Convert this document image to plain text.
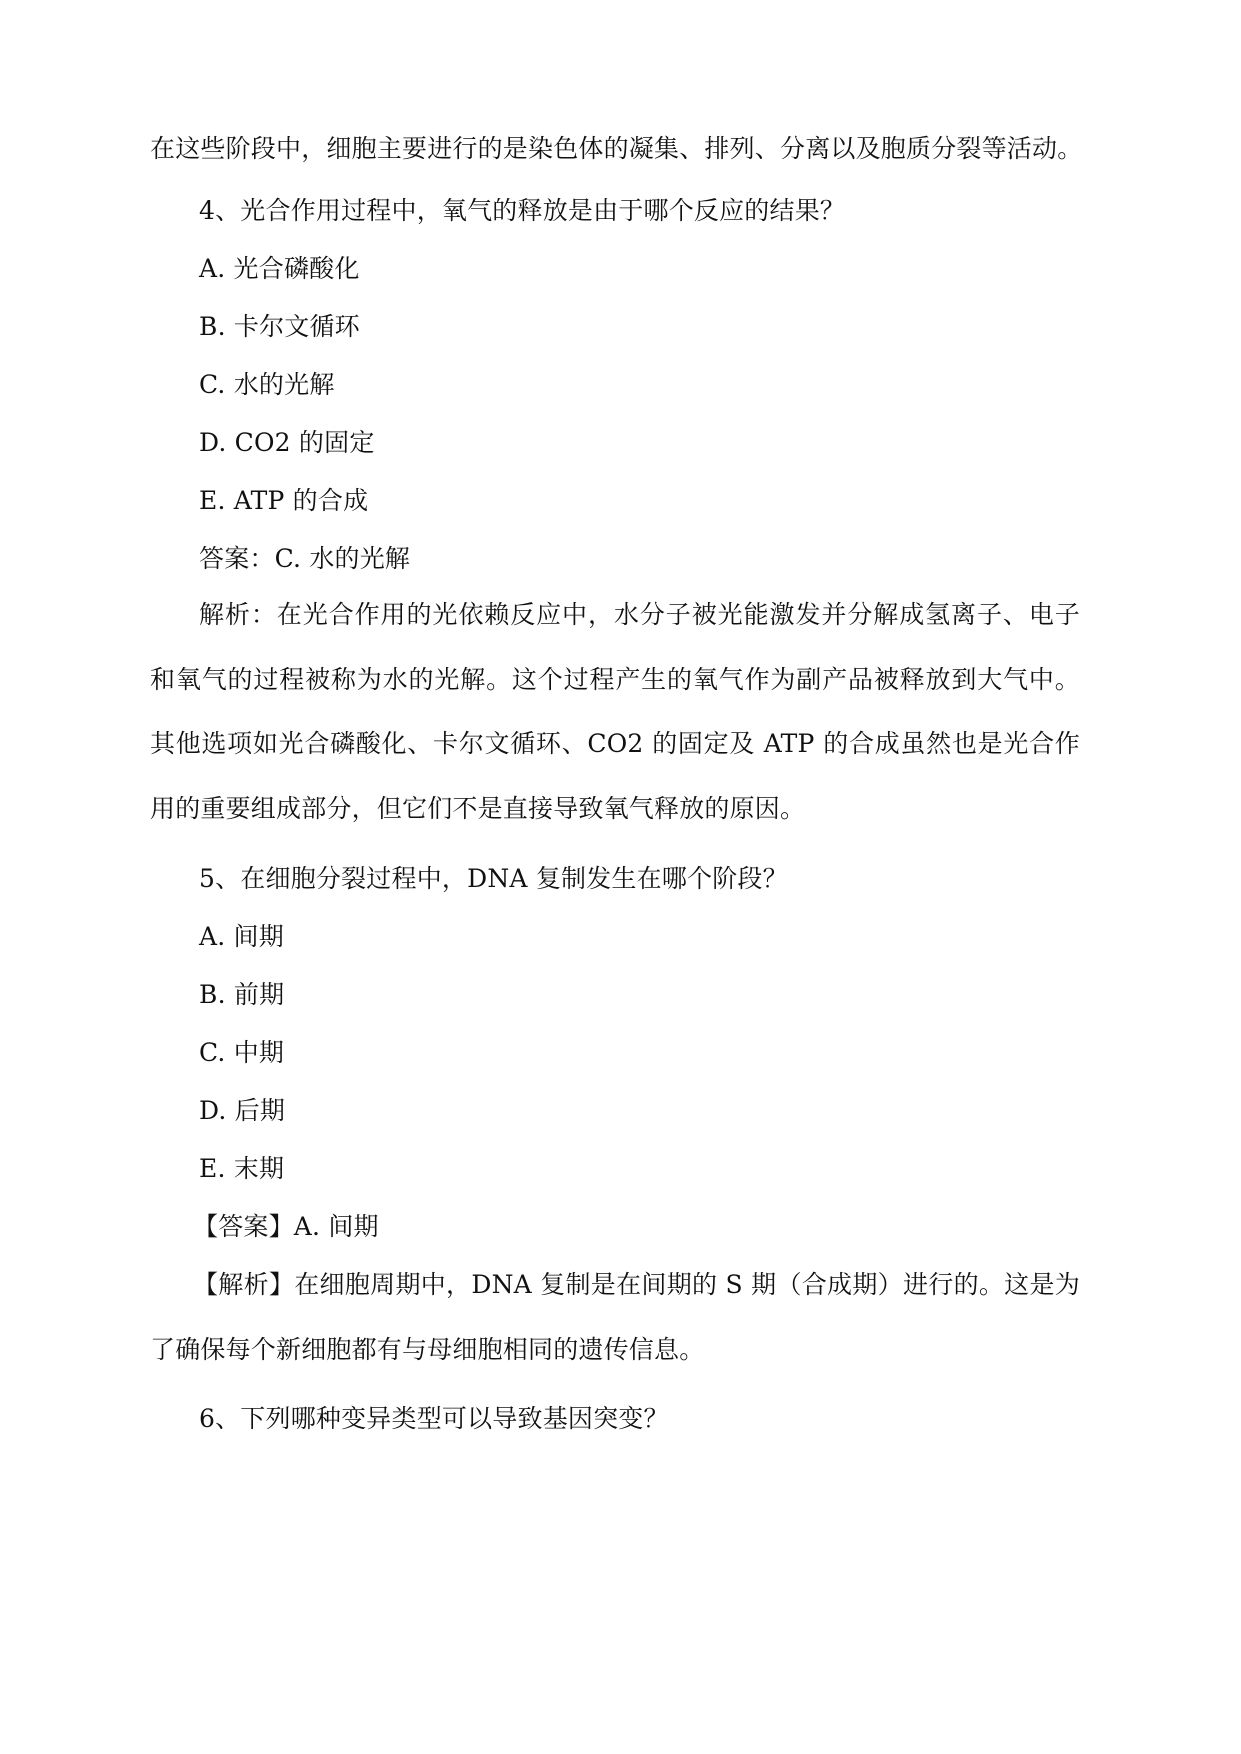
在这些阶段中，细胞主要进行的是染色体的凝集、排列、分离以及胞质分裂等活动。
4、光合作用过程中，氧气的释放是由于哪个反应的结果？
A. 光合磷酸化
B. 卡尔文循环
C. 水的光解
D. CO2 的固定
E. ATP 的合成
答案：C. 水的光解
解析：在光合作用的光依赖反应中，水分子被光能激发并分解成氢离子、电子和氧气的过程被称为水的光解。这个过程产生的氧气作为副产品被释放到大气中。其他选项如光合磷酸化、卡尔文循环、CO2 的固定及 ATP 的合成虽然也是光合作用的重要组成部分，但它们不是直接导致氧气释放的原因。
5、在细胞分裂过程中，DNA 复制发生在哪个阶段？
A. 间期
B. 前期
C. 中期
D. 后期
E. 末期
【答案】A. 间期
【解析】在细胞周期中，DNA 复制是在间期的 S 期（合成期）进行的。这是为了确保每个新细胞都有与母细胞相同的遗传信息。
6、下列哪种变异类型可以导致基因突变？
